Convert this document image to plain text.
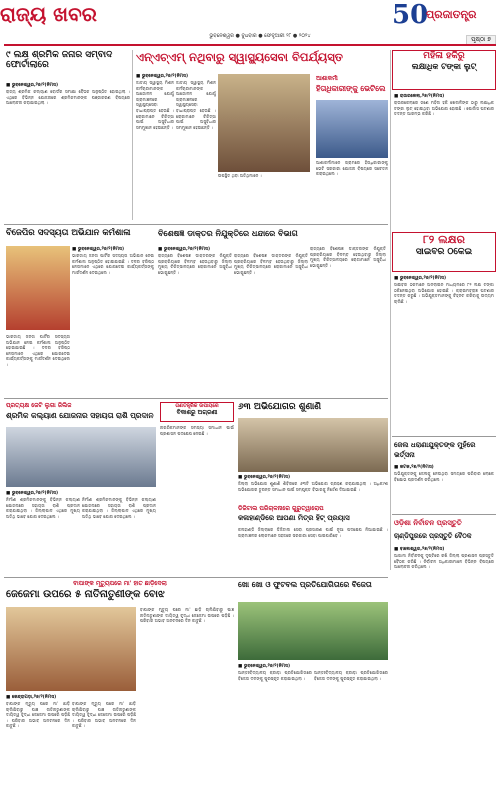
ରାଜ୍ୟ ଖବର	50
ପ୍ରଜାତନ୍ତ୍ର
ଭୁବନେଶ୍ୱର ● ବୁଧବାର ● ଫେବୃଆରୀ ୨୮ ● ୨୦୨୪	ପୃଷ୍ଠା ୭
୯ ଲକ୍ଷ ଶ୍ରମିକ ଜନାର ସମ୍ବାଦ ଫୋର୍ଟାଲାରେ
■ ଭୁବନେଶ୍ୱର,୨୭/୨(ନିମସ)
ରାଜ୍ୟ ଶ୍ରମିକ କଲ୍ୟାଣ ବୋର୍ଡର ସମୀକ୍ଷା ବୈଠକ ଅନୁଷ୍ଠିତ ହୋଇଥିଲା । ଏଥିରେ ବିଭିନ୍ନ ଯୋଜନାରେ ଶ୍ରମିକମାନଙ୍କ ପଞ୍ଜୀକରଣ ବିଷୟରେ ଆଲୋଚନା କରାଯାଇଥିଲା ।
ଏନ୍‌ଏଚ୍‌ଏମ୍‌ ନଥିବାରୁ ସ୍ୱାସ୍ଥ୍ୟସେବା ବିପର୍ଯ୍ୟସ୍ତ
■ ଭୁବନେଶ୍ୱର,୨୭/୨(ନିମସ)
ଜାତୀୟ ସ୍ୱାସ୍ଥ୍ୟ ମିଶନ କର୍ମଚାରୀମାନଙ୍କ ଆନ୍ଦୋଳନ ଯୋଗୁଁ ଗ୍ରାମାଞ୍ଚଳରେ ସ୍ୱାସ୍ଥ୍ୟସେବା ବାଧାପ୍ରାପ୍ତ ହେଉଛି । ରୋଗୀମାନେ ଚିକିତ୍ସା ପାଇଁ ଅସୁବିଧାର ସମ୍ମୁଖୀନ ହେଉଛନ୍ତି ।
ଜାତୀୟ ସ୍ୱାସ୍ଥ୍ୟ ମିଶନ କର୍ମଚାରୀମାନଙ୍କ ଆନ୍ଦୋଳନ ଯୋଗୁଁ ଗ୍ରାମାଞ୍ଚଳରେ ସ୍ୱାସ୍ଥ୍ୟସେବା ବାଧାପ୍ରାପ୍ତ ହେଉଛି । ରୋଗୀମାନେ ଚିକିତ୍ସା ପାଇଁ ଅସୁବିଧାର ସମ୍ମୁଖୀନ ହେଉଛନ୍ତି ।
ଉପସ୍ଥିତ ଥିବା ଅତିଥିମାନେ ।
ଆଶାକର୍ମୀ
ହିତାଧିକାରୀଙ୍କୁ ଭେଟିଲେ
ଆଶାକର୍ମୀମାନେ ଗ୍ରାମରେ ହିତାଧିକାରୀଙ୍କୁ ଭେଟି ସରକାରୀ ଯୋଜନା ବିଷୟରେ ସଚେତନ କରାଇଥିଲେ ।
ମହିଳା ହକିରୁ
ଲକ୍ଷାଧିକ ଟଙ୍କା ଲୁଟ୍
■ ରାଉରକେଲା,୨୭/୨(ନିମସ)
ରାଉରକେଲାରେ ଜଣେ ମହିଳା ହକି ଖେଳାଳିଙ୍କ ଠାରୁ ଲକ୍ଷାଧିକ ଟଙ୍କା ଲୁଟ୍ ହୋଇଥିବା ଅଭିଯୋଗ ହୋଇଛି । ପୋଲିସ ଘଟଣାର ତଦନ୍ତ ଆରମ୍ଭ କରିଛି ।
୮୨ ଲକ୍ଷର
ସାଇବର ଠକେଇ
■ ଭୁବନେଶ୍ୱର,୨୭/୨(ନିମସ)
ସାଇବର ଠକମାନେ ଅନଲାଇନ ମାଧ୍ୟମରେ ୮୨ ଲକ୍ଷ ଟଙ୍କା ଠକିନେଇଥିବା ଅଭିଯୋଗ ହୋଇଛି । କ୍ରାଇମବ୍ରାଞ୍ଚ ଘଟଣାର ତଦନ୍ତ କରୁଛି । ଅଭିଯୁକ୍ତମାନଙ୍କୁ ଚିହ୍ନଟ କରିବାକୁ ଉଦ୍ୟମ ଚାଲିଛି ।
ଜେଲ ଧରାଣାଯୁକ୍ତଙ୍କ ମୁହଁରେ ଭର୍ତ୍ସନା
■ କଟକ,୨୭/୨(ନିମସ)
ଅଭିଯୁକ୍ତଙ୍କୁ ଜେଲକୁ ନେଉଥିବା ସମୟରେ ପରିବାର ଲୋକେ ବିକ୍ଷୋଭ ପ୍ରଦର୍ଶନ କରିଥିଲେ ।
ଓଡ଼ିଶା ନିର୍ବାଚନ ପ୍ରସ୍ତୁତି
ଚାଣ୍ଡିପୁରରେ ପ୍ରସ୍ତୁତି ବୈଠକ
■ ବାଲେଶ୍ୱର,୨୭/୨(ନିମସ)
ଆଗାମୀ ନିର୍ବାଚନକୁ ଦୃଷ୍ଟିରେ ରଖି ଜିଲ୍ଲା ପ୍ରଶାସନ ପ୍ରସ୍ତୁତି ବୈଠକ କରିଛି । ନିର୍ବାଚନ ଅଧିକାରୀମାନେ ବିଭିନ୍ନ ବିଷୟରେ ଆଲୋଚନା କରିଥିଲେ ।
ବିଜେପିର ସଦସ୍ୟତା ଅଭିଯାନ କର୍ମଶାଳା
■ ଭୁବନେଶ୍ୱର,୨୭/୨(ନିମସ)
ଭାରତୀୟ ଜନତା ପାର୍ଟିର ସଦସ୍ୟତା ଅଭିଯାନ ନେଇ କର୍ମଶାଳା ଅନୁଷ୍ଠିତ ହୋଇଯାଇଛି । ଦଳର ବରିଷ୍ଠ ନେତାମାନେ ଏଥିରେ ଯୋଗଦେଇ କାର୍ଯ୍ୟକର୍ତ୍ତାଙ୍କୁ ମାର୍ଗଦର୍ଶନ ଦେଇଥିଲେ ।
ଭାରତୀୟ ଜନତା ପାର୍ଟିର ସଦସ୍ୟତା ଅଭିଯାନ ନେଇ କର୍ମଶାଳା ଅନୁଷ୍ଠିତ ହୋଇଯାଇଛି । ଦଳର ବରିଷ୍ଠ ନେତାମାନେ ଏଥିରେ ଯୋଗଦେଇ କାର୍ଯ୍ୟକର୍ତ୍ତାଙ୍କୁ ମାର୍ଗଦର୍ଶନ ଦେଇଥିଲେ ।
ବିଶେଷଜ୍ଞ ଡାକ୍ତର ନିଯୁକ୍ତିରେ ଧନ୍ଦାରେ ବିଭାଗ
■ ଭୁବନେଶ୍ୱର,୨୭/୨(ନିମସ)
ରାଜ୍ୟରେ ବିଶେଷଜ୍ଞ ଡାକ୍ତରଙ୍କ ନିଯୁକ୍ତି ପ୍ରକ୍ରିୟାରେ ବିଳମ୍ବ ହେଉଥିବାରୁ ଜିଲ୍ଲା ମୁଖ୍ୟ ଚିକିତ୍ସାଳୟରେ ରୋଗୀମାନେ ଅସୁବିଧା ଭୋଗୁଛନ୍ତି ।
ରାଜ୍ୟରେ ବିଶେଷଜ୍ଞ ଡାକ୍ତରଙ୍କ ନିଯୁକ୍ତି ପ୍ରକ୍ରିୟାରେ ବିଳମ୍ବ ହେଉଥିବାରୁ ଜିଲ୍ଲା ମୁଖ୍ୟ ଚିକିତ୍ସାଳୟରେ ରୋଗୀମାନେ ଅସୁବିଧା ଭୋଗୁଛନ୍ତି ।
ରାଜ୍ୟରେ ବିଶେଷଜ୍ଞ ଡାକ୍ତରଙ୍କ ନିଯୁକ୍ତି ପ୍ରକ୍ରିୟାରେ ବିଳମ୍ବ ହେଉଥିବାରୁ ଜିଲ୍ଲା ମୁଖ୍ୟ ଚିକିତ୍ସାଳୟରେ ରୋଗୀମାନେ ଅସୁବିଧା ଭୋଗୁଛନ୍ତି ।
ପ୍ରତ୍ୟକ୍ଷ ଜେଟି ଲୁଗା ଜିଲିଜ
ଶ୍ରମିକ କଲ୍ୟାଣ ଯୋଜନାର ସହାୟତା ରାଶି ପ୍ରଦାନ
■ ଭୁବନେଶ୍ୱର,୨୭/୨(ନିମସ)
ନିର୍ମାଣ ଶ୍ରମିକମାନଙ୍କୁ ବିଭିନ୍ନ କଲ୍ୟାଣ ଯୋଜନାରେ ସହାୟତା ରାଶି ପ୍ରଦାନ କରାଯାଇଥିଲା । ଜିଲ୍ଲାପାଳ ଏଥିରେ ମୁଖ୍ୟ ଅତିଥି ଭାବେ ଯୋଗ ଦେଇଥିଲେ ।
ନିର୍ମାଣ ଶ୍ରମିକମାନଙ୍କୁ ବିଭିନ୍ନ କଲ୍ୟାଣ ଯୋଜନାରେ ସହାୟତା ରାଶି ପ୍ରଦାନ କରାଯାଇଥିଲା । ଜିଲ୍ଲାପାଳ ଏଥିରେ ମୁଖ୍ୟ ଅତିଥି ଭାବେ ଯୋଗ ଦେଇଥିଲେ ।
ଗଣତନ୍ତ୍ରିକ ଉପାୟରେ
ବିକାଶରୁ ଅଗ୍ରଣୀ
ନାଗରିକମାନଙ୍କ ସମସ୍ୟା ସମାଧାନ ପାଇଁ ପ୍ରଶାସନ ପଦକ୍ଷେପ ନେଇଛି ।
୬୩ ଅଭିଯୋଗର ଶୁଣାଣି
■ ଭୁବନେଶ୍ୱର,୨୭/୨(ନିମସ)
ଜିଲ୍ଲା ଅଭିଯୋଗ ଶୁଣାଣି ଶିବିରରେ ୬୩ଟି ଅଭିଯୋଗ ଗ୍ରହଣ କରାଯାଇଥିଲା । ଅଧିକାଂଶ ଅଭିଯୋଗର ତୁରନ୍ତ ସମାଧାନ ପାଇଁ ସମ୍ପୃକ୍ତ ବିଭାଗକୁ ନିର୍ଦ୍ଦେଶ ଦିଆଯାଇଛି ।
ଡିଜିଟାଲ ପରିଚାଳନାରେ ଗୁରୁତ୍ୱାରୋପ
କଳାହାଣ୍ଡିରେ ଆପଣା ମିତ୍ର ହିଟ୍ ପ୍ରୟାସ
କଳାହାଣ୍ଡି ଜିଲ୍ଲାରେ ଡିଜିଟାଲ ସେବା ପ୍ରସାରଣ ପାଇଁ ନୂଆ ପଦକ୍ଷେପ ନିଆଯାଇଛି । ଗ୍ରାମାଞ୍ଚଳର ଲୋକମାନେ ସହଜରେ ସରକାରୀ ସେବା ପାଇପାରିବେ ।
ବାପାଙ୍କ ମୃତ୍ୟୁପରେ ମା' ହାତ ଛାଡ଼ିଦେଲା
ଜେଜେମା ଉପରେ ୫ ନାତିନାତୁଣୀଙ୍କ ବୋଝ
■ କେନ୍ଦ୍ରାପଡ଼ା,୨୭/୨(ନିମସ)
ବାପାଙ୍କ ମୃତ୍ୟୁ ପରେ ମା' ଛାଡ଼ି ଚାଲିଯିବାରୁ ପାଞ୍ଚ ନାତିନାତୁଣୀଙ୍କ ଦାୟିତ୍ୱ ବୃଦ୍ଧା ଜେଜେମା ଉପରେ ପଡ଼ିଛି । ପରିବାର ଅଭାବ ଅନଟନରେ ଦିନ କାଟୁଛି ।
ବାପାଙ୍କ ମୃତ୍ୟୁ ପରେ ମା' ଛାଡ଼ି ଚାଲିଯିବାରୁ ପାଞ୍ଚ ନାତିନାତୁଣୀଙ୍କ ଦାୟିତ୍ୱ ବୃଦ୍ଧା ଜେଜେମା ଉପରେ ପଡ଼ିଛି । ପରିବାର ଅଭାବ ଅନଟନରେ ଦିନ କାଟୁଛି ।
ବାପାଙ୍କ ମୃତ୍ୟୁ ପରେ ମା' ଛାଡ଼ି ଚାଲିଯିବାରୁ ପାଞ୍ଚ ନାତିନାତୁଣୀଙ୍କ ଦାୟିତ୍ୱ ବୃଦ୍ଧା ଜେଜେମା ଉପରେ ପଡ଼ିଛି । ପରିବାର ଅଭାବ ଅନଟନରେ ଦିନ କାଟୁଛି ।
ଖୋ ଖୋ ଓ ଫୁଟବଲ ପ୍ରତିଯୋଗିତାରେ ବିଜେତା
■ ଭୁବନେଶ୍ୱର,୨୭/୨(ନିମସ)
ଆନ୍ତଃବିଦ୍ୟାଳୟ କ୍ରୀଡ଼ା ପ୍ରତିଯୋଗିତାରେ ବିଜେତା ଦଳଙ୍କୁ ପୁରସ୍କୃତ କରାଯାଇଥିଲା ।
ଆନ୍ତଃବିଦ୍ୟାଳୟ କ୍ରୀଡ଼ା ପ୍ରତିଯୋଗିତାରେ ବିଜେତା ଦଳଙ୍କୁ ପୁରସ୍କୃତ କରାଯାଇଥିଲା ।
